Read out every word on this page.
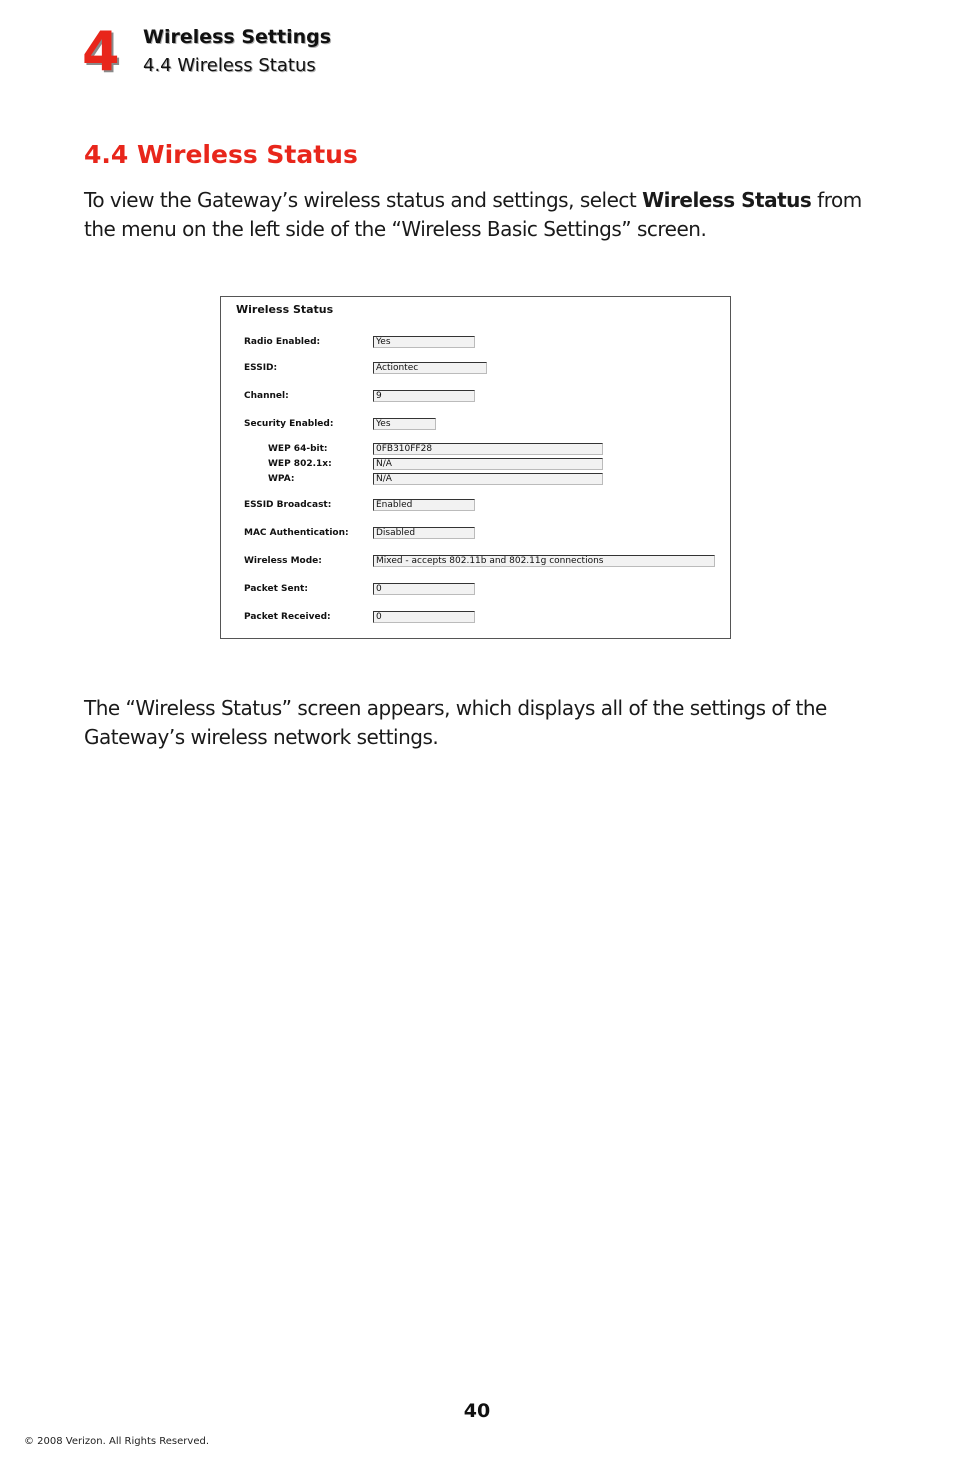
4 Wireless Settings
4.4 Wireless Status
4.4 Wireless Status

To view the Gateway’s wireless status and settings, select Wireless Status from the menu on the left side of the “Wireless Basic Settings” screen.

Wireless Status
Radio Enabled:	Yes
ESSID:	Actiontec
Channel:	9
Security Enabled:	Yes
WEP 64-bit:	0FB310FF28
WEP 802.1x:	N/A
WPA:	N/A
ESSID Broadcast:	Enabled
MAC Authentication:	Disabled
Wireless Mode:	Mixed - accepts 802.11b and 802.11g connections
Packet Sent:	0
Packet Received:	0

The “Wireless Status” screen appears, which displays all of the settings of the Gateway’s wireless network settings.

40
© 2008 Verizon. All Rights Reserved.
